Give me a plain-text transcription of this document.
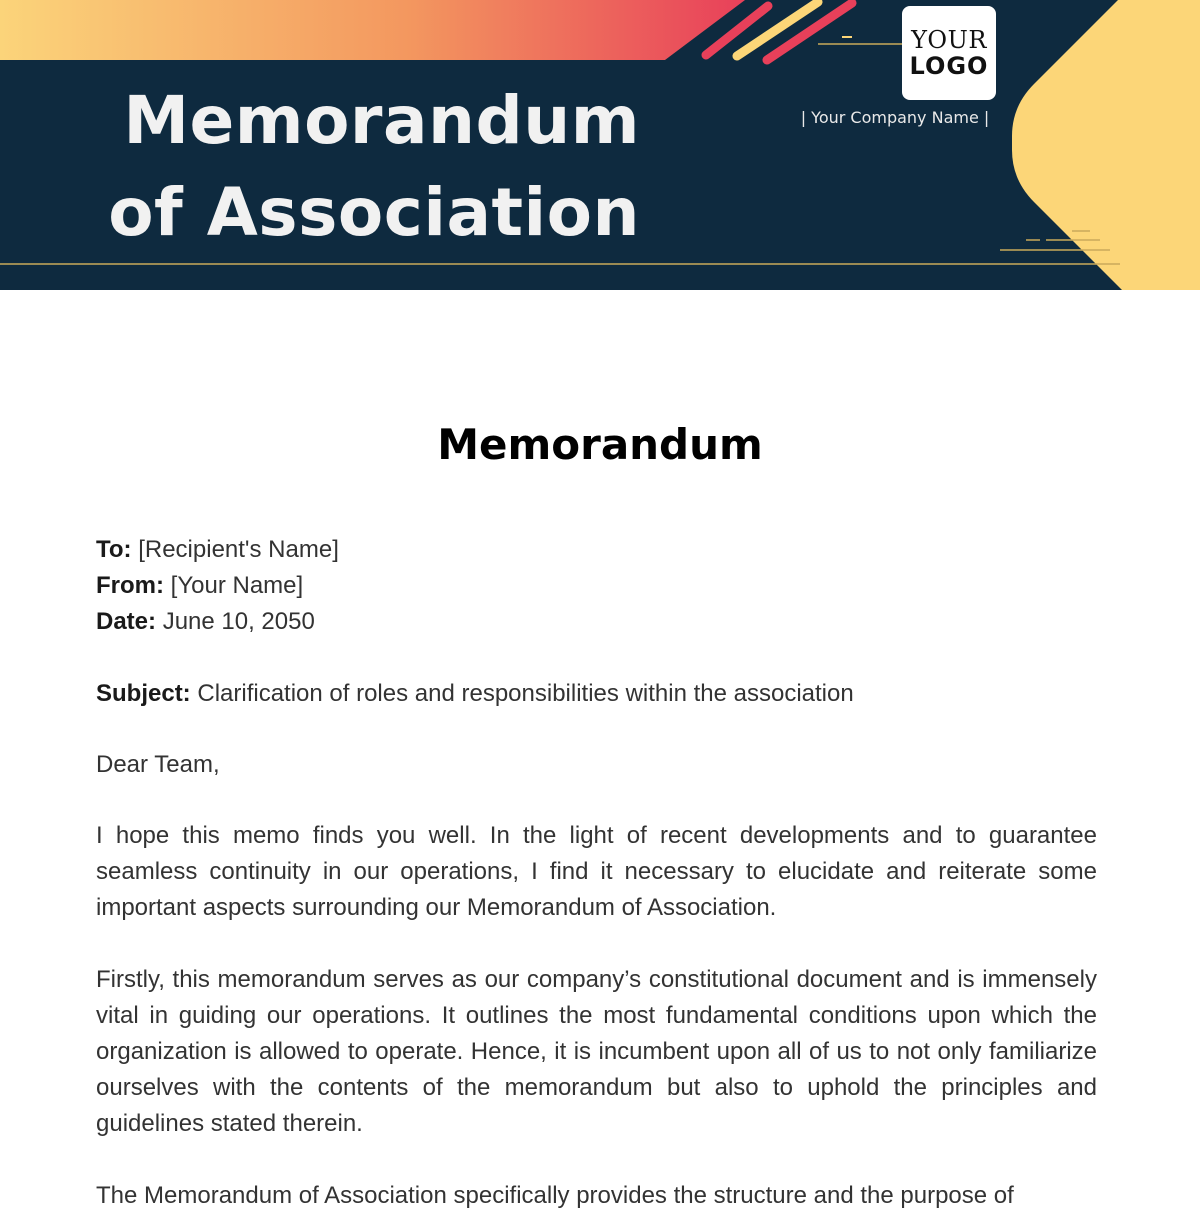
Memorandum
of Association
YOUR
LOGO
| Your Company Name |
Memorandum

To: [Recipient's Name]

From: [Your Name]

Date: June 10, 2050

Subject: Clarification of roles and responsibilities within the association

Dear Team,

I hope this memo finds you well. In the light of recent developments and to guarantee seamless continuity in our operations, I find it necessary to elucidate and reiterate some important aspects surrounding our Memorandum of Association.

Firstly, this memorandum serves as our company’s constitutional document and is immensely vital in guiding our operations. It outlines the most fundamental conditions upon which the organization is allowed to operate. Hence, it is incumbent upon all of us to not only familiarize ourselves with the contents of the memorandum but also to uphold the principles and guidelines stated therein.

The Memorandum of Association specifically provides the structure and the purpose of
